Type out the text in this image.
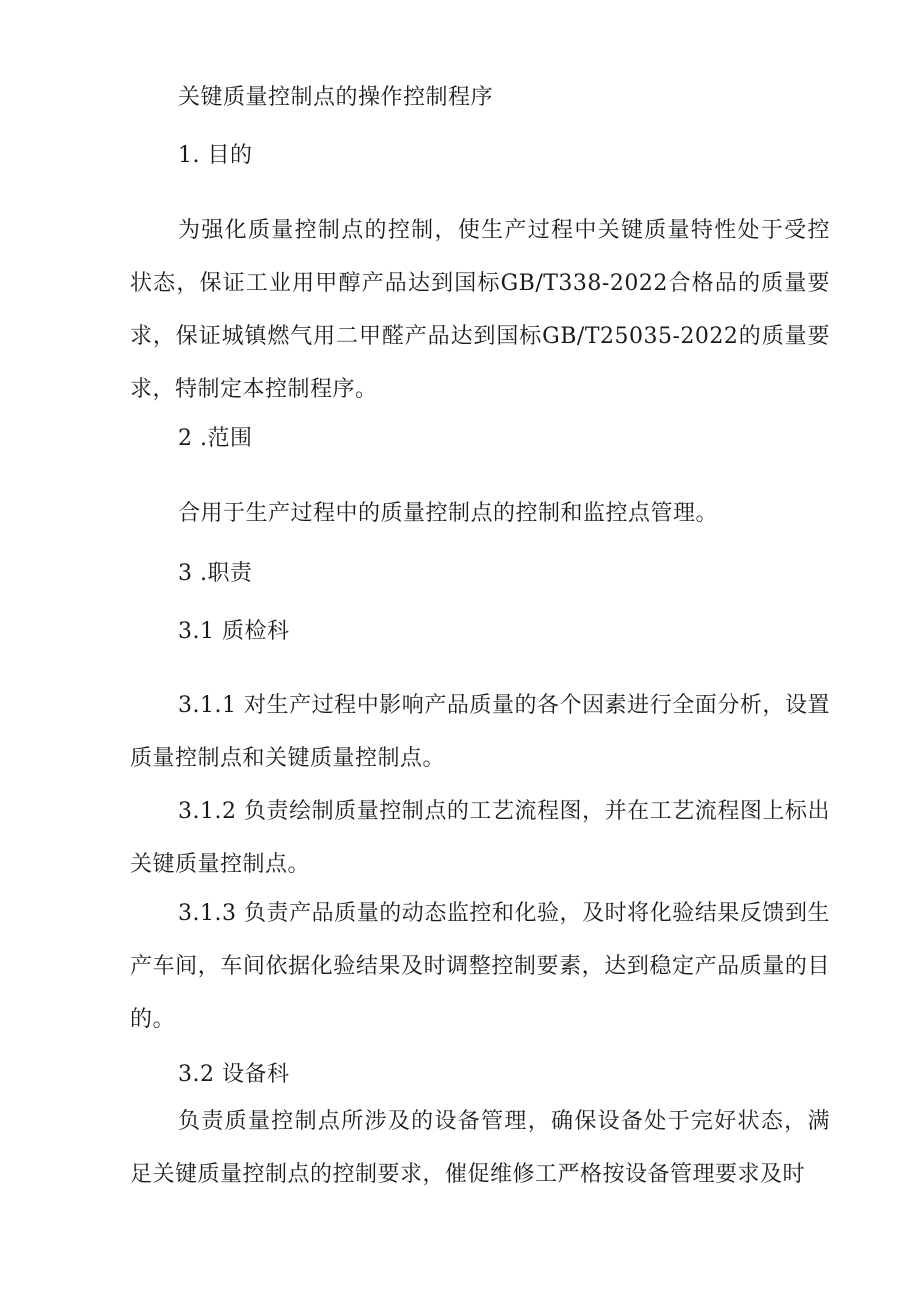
关键质量控制点的操作控制程序

1. 目的

为强化质量控制点的控制，使生产过程中关键质量特性处于受控状态，保证工业用甲醇产品达到国标GB/T338-2022合格品的质量要求，保证城镇燃气用二甲醛产品达到国标GB/T25035-2022的质量要求，特制定本控制程序。

2 .范围

合用于生产过程中的质量控制点的控制和监控点管理。

3 .职责

3.1 质检科

3.1.1 对生产过程中影响产品质量的各个因素进行全面分析，设置质量控制点和关键质量控制点。

3.1.2 负责绘制质量控制点的工艺流程图，并在工艺流程图上标出关键质量控制点。

3.1.3 负责产品质量的动态监控和化验，及时将化验结果反馈到生产车间，车间依据化验结果及时调整控制要素，达到稳定产品质量的目的。

3.2 设备科

负责质量控制点所涉及的设备管理，确保设备处于完好状态，满足关键质量控制点的控制要求，催促维修工严格按设备管理要求及时
